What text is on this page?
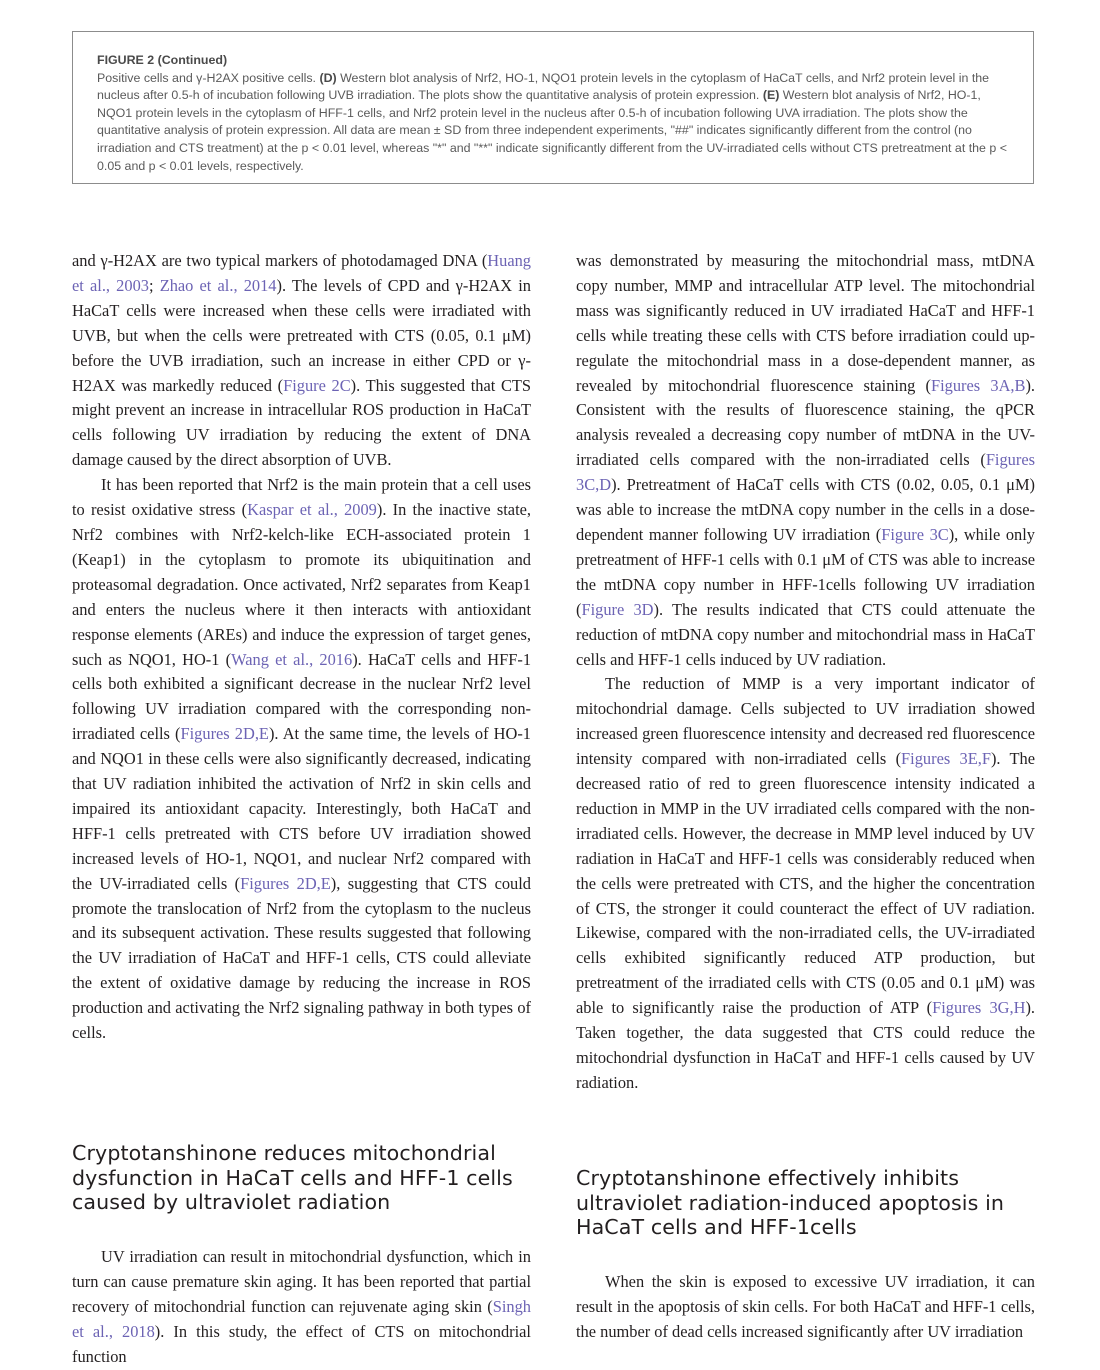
FIGURE 2 (Continued)
Positive cells and γ-H2AX positive cells. (D) Western blot analysis of Nrf2, HO-1, NQO1 protein levels in the cytoplasm of HaCaT cells, and Nrf2 protein level in the nucleus after 0.5-h of incubation following UVB irradiation. The plots show the quantitative analysis of protein expression. (E) Western blot analysis of Nrf2, HO-1, NQO1 protein levels in the cytoplasm of HFF-1 cells, and Nrf2 protein level in the nucleus after 0.5-h of incubation following UVA irradiation. The plots show the quantitative analysis of protein expression. All data are mean ± SD from three independent experiments, "##" indicates significantly different from the control (no irradiation and CTS treatment) at the p < 0.01 level, whereas "*" and "**" indicate significantly different from the UV-irradiated cells without CTS pretreatment at the p < 0.05 and p < 0.01 levels, respectively.

and γ-H2AX are two typical markers of photodamaged DNA (Huang et al., 2003; Zhao et al., 2014). The levels of CPD and γ-H2AX in HaCaT cells were increased when these cells were irradiated with UVB, but when the cells were pretreated with CTS (0.05, 0.1 μM) before the UVB irradiation, such an increase in either CPD or γ-H2AX was markedly reduced (Figure 2C). This suggested that CTS might prevent an increase in intracellular ROS production in HaCaT cells following UV irradiation by reducing the extent of DNA damage caused by the direct absorption of UVB.

It has been reported that Nrf2 is the main protein that a cell uses to resist oxidative stress (Kaspar et al., 2009). In the inactive state, Nrf2 combines with Nrf2-kelch-like ECH-associated protein 1 (Keap1) in the cytoplasm to promote its ubiquitination and proteasomal degradation. Once activated, Nrf2 separates from Keap1 and enters the nucleus where it then interacts with antioxidant response elements (AREs) and induce the expression of target genes, such as NQO1, HO-1 (Wang et al., 2016). HaCaT cells and HFF-1 cells both exhibited a significant decrease in the nuclear Nrf2 level following UV irradiation compared with the corresponding non-irradiated cells (Figures 2D,E). At the same time, the levels of HO-1 and NQO1 in these cells were also significantly decreased, indicating that UV radiation inhibited the activation of Nrf2 in skin cells and impaired its antioxidant capacity. Interestingly, both HaCaT and HFF-1 cells pretreated with CTS before UV irradiation showed increased levels of HO-1, NQO1, and nuclear Nrf2 compared with the UV-irradiated cells (Figures 2D,E), suggesting that CTS could promote the translocation of Nrf2 from the cytoplasm to the nucleus and its subsequent activation. These results suggested that following the UV irradiation of HaCaT and HFF-1 cells, CTS could alleviate the extent of oxidative damage by reducing the increase in ROS production and activating the Nrf2 signaling pathway in both types of cells.

Cryptotanshinone reduces mitochondrial dysfunction in HaCaT cells and HFF-1 cells caused by ultraviolet radiation

UV irradiation can result in mitochondrial dysfunction, which in turn can cause premature skin aging. It has been reported that partial recovery of mitochondrial function can rejuvenate aging skin (Singh et al., 2018). In this study, the effect of CTS on mitochondrial function

was demonstrated by measuring the mitochondrial mass, mtDNA copy number, MMP and intracellular ATP level. The mitochondrial mass was significantly reduced in UV irradiated HaCaT and HFF-1 cells while treating these cells with CTS before irradiation could up-regulate the mitochondrial mass in a dose-dependent manner, as revealed by mitochondrial fluorescence staining (Figures 3A,B). Consistent with the results of fluorescence staining, the qPCR analysis revealed a decreasing copy number of mtDNA in the UV-irradiated cells compared with the non-irradiated cells (Figures 3C,D). Pretreatment of HaCaT cells with CTS (0.02, 0.05, 0.1 μM) was able to increase the mtDNA copy number in the cells in a dose-dependent manner following UV irradiation (Figure 3C), while only pretreatment of HFF-1 cells with 0.1 μM of CTS was able to increase the mtDNA copy number in HFF-1cells following UV irradiation (Figure 3D). The results indicated that CTS could attenuate the reduction of mtDNA copy number and mitochondrial mass in HaCaT cells and HFF-1 cells induced by UV radiation.

The reduction of MMP is a very important indicator of mitochondrial damage. Cells subjected to UV irradiation showed increased green fluorescence intensity and decreased red fluorescence intensity compared with non-irradiated cells (Figures 3E,F). The decreased ratio of red to green fluorescence intensity indicated a reduction in MMP in the UV irradiated cells compared with the non-irradiated cells. However, the decrease in MMP level induced by UV radiation in HaCaT and HFF-1 cells was considerably reduced when the cells were pretreated with CTS, and the higher the concentration of CTS, the stronger it could counteract the effect of UV radiation. Likewise, compared with the non-irradiated cells, the UV-irradiated cells exhibited significantly reduced ATP production, but pretreatment of the irradiated cells with CTS (0.05 and 0.1 μM) was able to significantly raise the production of ATP (Figures 3G,H). Taken together, the data suggested that CTS could reduce the mitochondrial dysfunction in HaCaT and HFF-1 cells caused by UV radiation.

Cryptotanshinone effectively inhibits ultraviolet radiation-induced apoptosis in HaCaT cells and HFF-1cells

When the skin is exposed to excessive UV irradiation, it can result in the apoptosis of skin cells. For both HaCaT and HFF-1 cells, the number of dead cells increased significantly after UV irradiation
